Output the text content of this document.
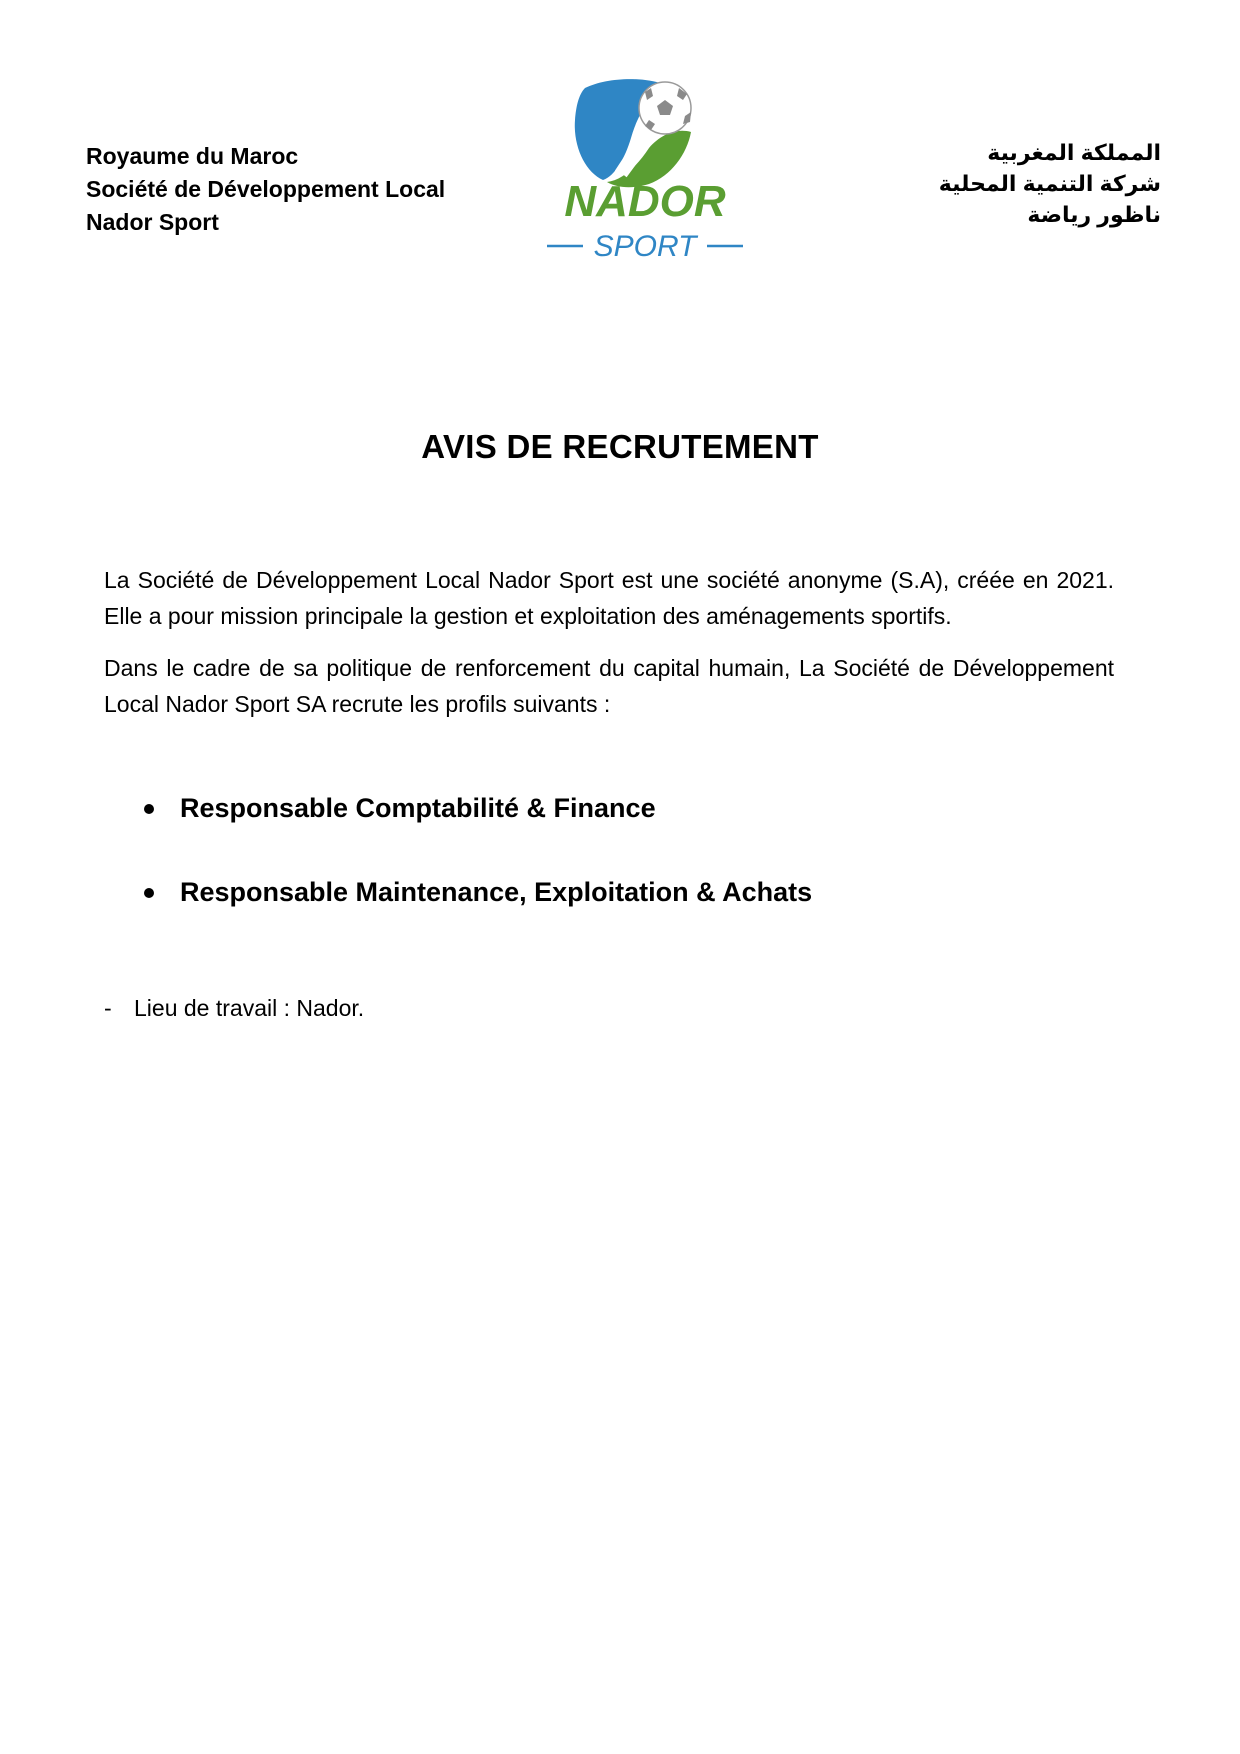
Royaume du Maroc
Société de Développement Local
Nador Sport	NADOR
SPORT
المملكة المغربية
شركة التنمية المحلية
ناظور رياضة
AVIS DE RECRUTEMENT
La Société de Développement Local Nador Sport est une société anonyme (S.A), créée en 2021. Elle a pour mission principale la gestion et exploitation des aménagements sportifs.
Dans le cadre de sa politique de renforcement du capital humain, La Société de Développement Local Nador Sport SA recrute les profils suivants :
Responsable Comptabilité & Finance
Responsable Maintenance, Exploitation & Achats
- Lieu de travail : Nador.
